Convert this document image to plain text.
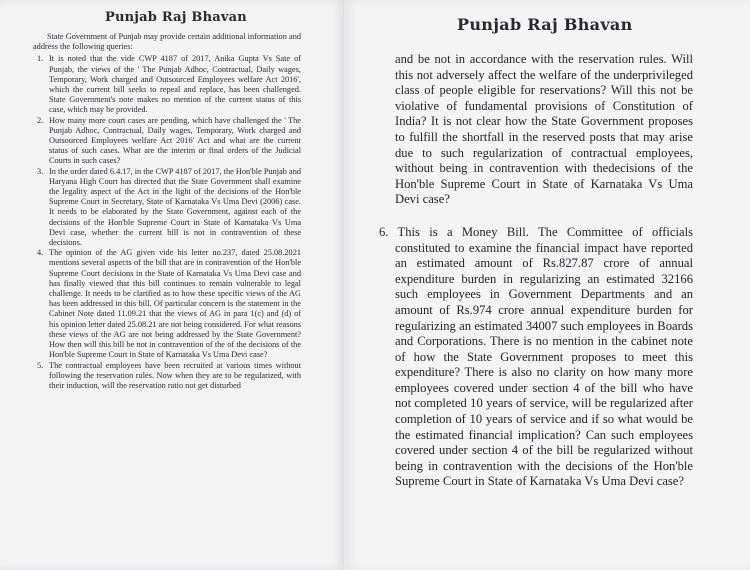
Punjab Raj Bhavan

State Government of Punjab may provide certain additional information and address the following queries:

1. It is noted that the vide CWP 4187 of 2017, Anika Gupta Vs Sate of Punjab, the views of the ' The Punjab Adhoc, Contractual, Daily wages, Temporary, Work charged and Outsourced Employees welfare Act 2016', which the current bill seeks to repeal and replace, has been challenged. State Government's note makes no mention of the current status of this case, which may be provided.
2. How many more court cases are pending, which have challenged the ' The Punjab Adhoc, Contractual, Daily wages, Temporary, Work charged and Outsourced Employees welfare Act 2016' Act and what are the current status of such cases. What are the interim or final orders of the Judicial Courts in such cases?
3. In the order dated 6.4.17, in the CWP 4187 of 2017, the Hon'ble Punjab and Haryana High Court has directed that the State Government shall examine the legality aspect of the Act in the light of the decisions of the Hon'ble Supreme Court in Secretary, State of Karnataka Vs Uma Devi (2006) case. It needs to be elaborated by the State Government, against each of the decisions of the Hon'ble Supreme Court in State of Karnataka Vs Uma Devi case, whether the current bill is not in contravention of these decisions.
4. The opinion of the AG given vide his letter no.237, dated 25.08.2021 mentions several aspects of the bill that are in contravention of the Hon'ble Supreme Court decisions in the State of Karnataka Vs Uma Devi case and has finally viewed that this bill continues to remain vulnerable to legal challenge. It needs to be clarified as to how these specific views of the AG has been addressed in this bill. Of particular concern is the statement in the Cabinet Note dated 11.09.21 that the views of AG in para 1(c) and (d) of his opinion letter dated 25.08.21 are not being considered. For what reasons these views of the AG are not being addressed by the State Government? How then will this bill be not in contravention of the of the decisions of the Hon'ble Supreme Court in State of Karnataka Vs Uma Devi case?
5. The contractual employees have been recruited at various times without following the reservation rules. Now when they are to be regularized, with their induction, will the reservation ratio not get disturbed
Punjab Raj Bhavan

and be not in accordance with the reservation rules. Will this not adversely affect the welfare of the underprivileged class of people eligible for reservations? Will this not be violative of fundamental provisions of Constitution of India? It is not clear how the State Government proposes to fulfill the shortfall in the reserved posts that may arise due to such regularization of contractual employees, without being in contravention with thedecisions of the Hon'ble Supreme Court in State of Karnataka Vs Uma Devi case?

6. This is a Money Bill. The Committee of officials constituted to examine the financial impact have reported an estimated amount of Rs.827.87 crore of annual expenditure burden in regularizing an estimated 32166 such employees in Government Departments and an amount of Rs.974 crore annual expenditure burden for regularizing an estimated 34007 such employees in Boards and Corporations. There is no mention in the cabinet note of how the State Government proposes to meet this expenditure? There is also no clarity on how many more employees covered under section 4 of the bill who have not completed 10 years of service, will be regularized after completion of 10 years of service and if so what would be the estimated financial implication? Can such employees covered under section 4 of the bill be regularized without being in contravention with the decisions of the Hon'ble Supreme Court in State of Karnataka Vs Uma Devi case?
